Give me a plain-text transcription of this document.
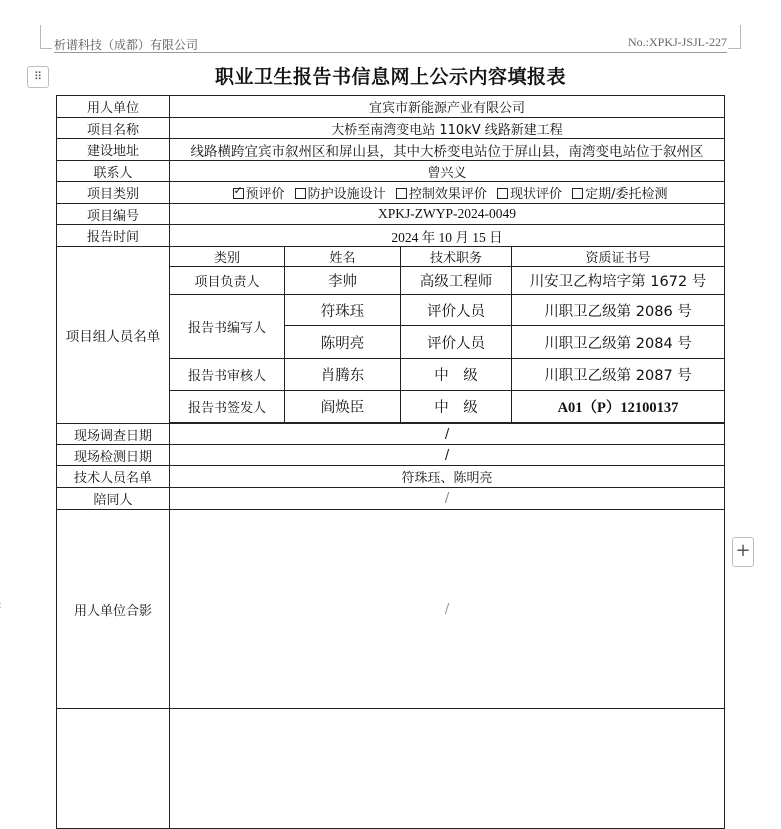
析谱科技（成都）有限公司	No.:XPKJ-JSJL-227
⠿
+
职业卫生报告书信息网上公示内容填报表
用人单位	宜宾市新能源产业有限公司			
项目名称	大桥至南湾变电站 110kV 线路新建工程			
建设地址	线路横跨宜宾市叙州区和屏山县，其中大桥变电站位于屏山县，南湾变电站位于叙州区			
联系人	曾兴义			
项目类别	✓预评价 防护设施设计 控制效果评价 现状评价 定期/委托检测
项目编号	XPKJ-ZWYP-2024-0049			
报告时间	2024 年 10 月 15 日			
项目组人员名单	类别	姓名	技术职务	资质证书号
	项目负责人	李帅	高级工程师	川安卫乙构培字第 1672 号
	报告书编写人	符珠珏	评价人员	川职卫乙级第 2086 号
		陈明亮	评价人员	川职卫乙级第 2084 号
	报告书审核人	肖腾东	中　级	川职卫乙级第 2087 号
	报告书签发人	阎焕臣	中　级	A01（P）12100137

现场调查日期	/			
现场检测日期	/			
技术人员名单	符珠珏、陈明亮			
陪同人	/			
用人单位合影	/			
